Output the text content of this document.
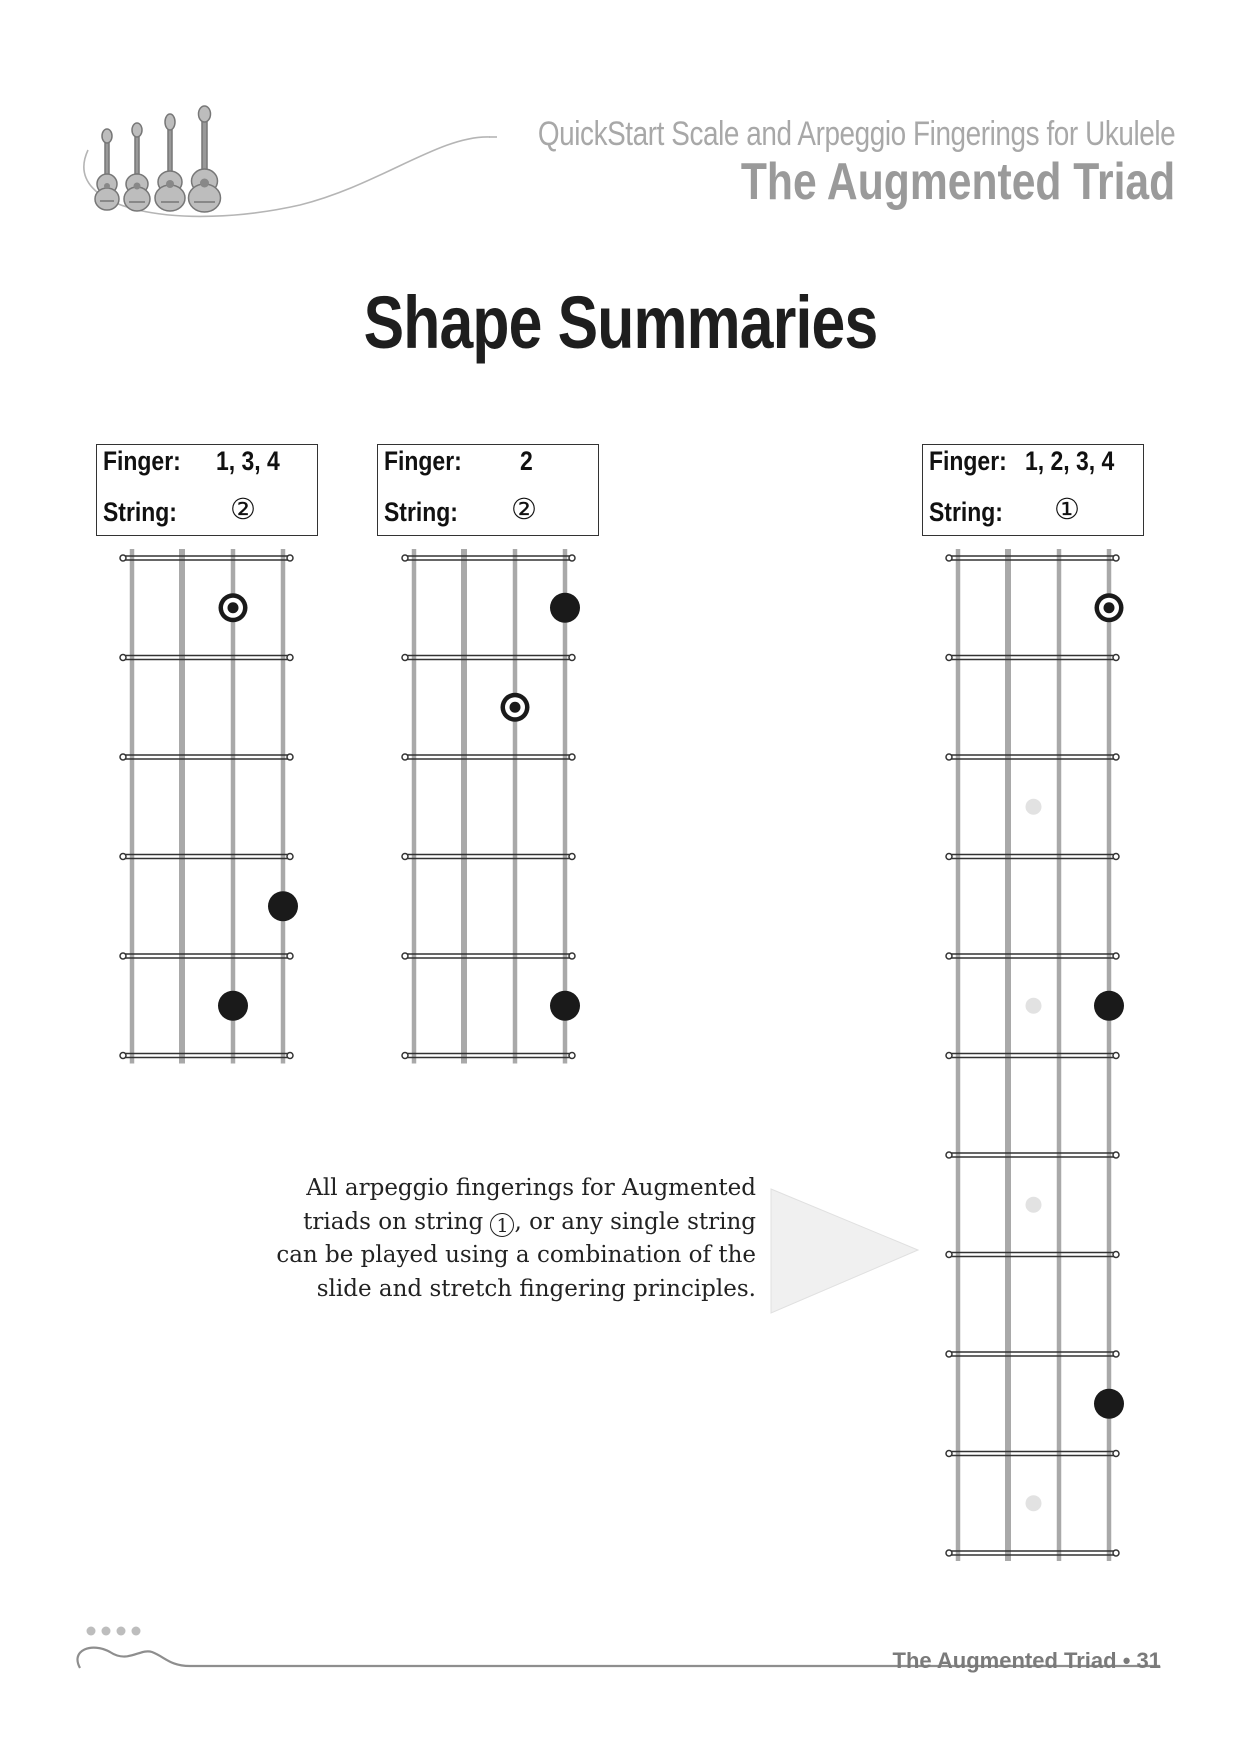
QuickStart Scale and Arpeggio Fingerings for Ukulele
The Augmented Triad
Shape Summaries
Finger: 1, 3, 4
String: ②
Finger: 2
String: ②
Finger: 1, 2, 3, 4
String: ①
All arpeggio fingerings for Augmented
triads on string 1 , or any single string
can be played using a combination of the
slide and stretch fingering principles.
The Augmented Triad • 31
